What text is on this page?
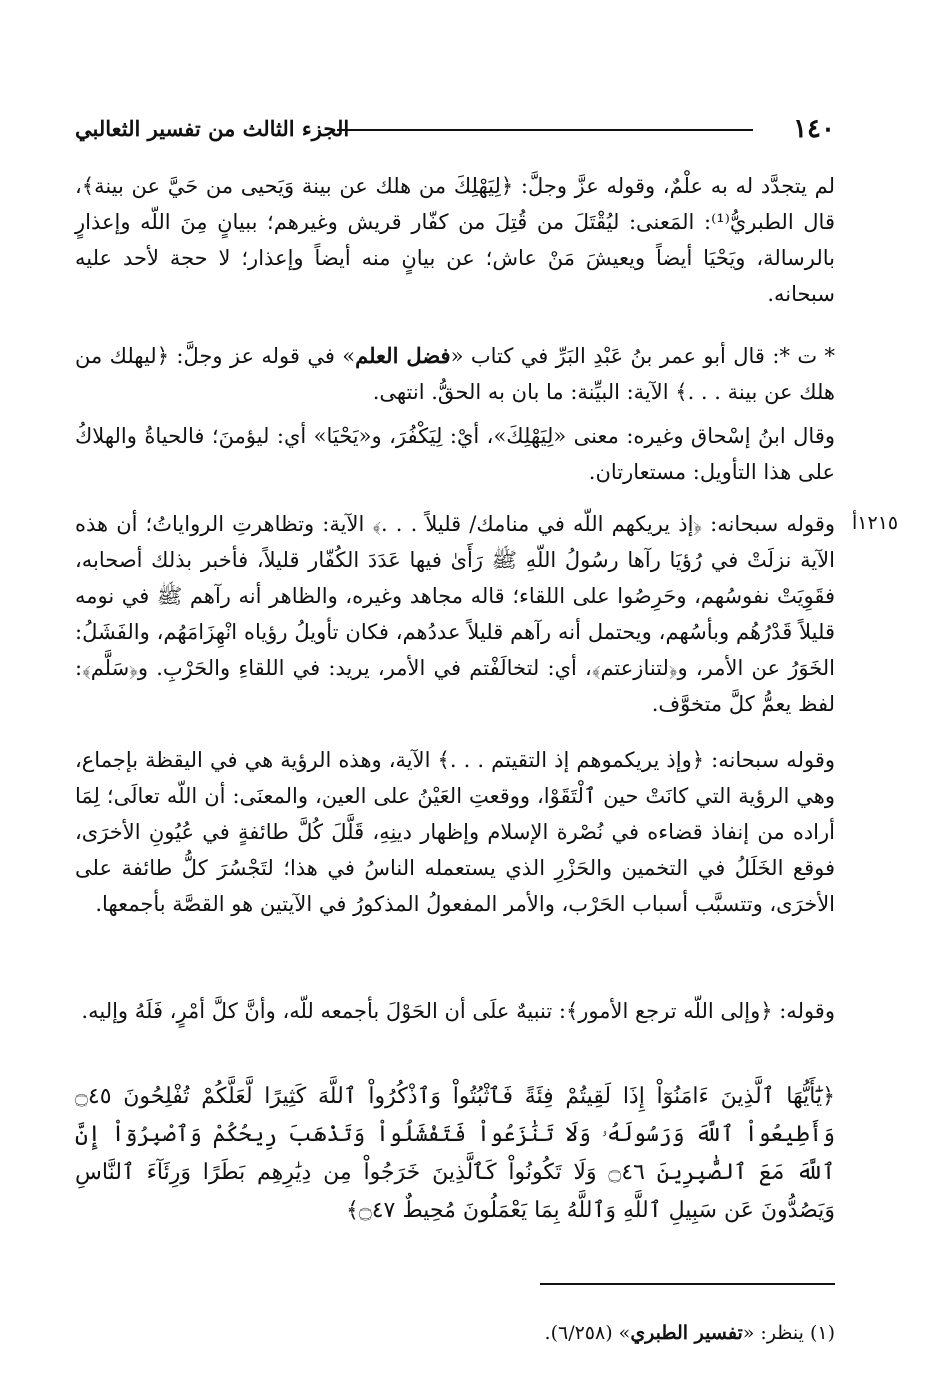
١٤٠
الجزء الثالث من تفسير الثعالبي
١٢١٥أ

لم يتجدَّد له به علْمٌ، وقوله عزَّ وجلَّ: ﴿لِيَهْلِكَ من هلك عن بينة وَيَحيى من حَيَّ عن بينة﴾، قال الطبريُّ⁽¹⁾: المَعنى: ليُقْتَلَ من قُتِلَ من كفّار قريش وغيرهم؛ ببيانٍ مِنَ اللّه وإعذارٍ بالرسالة، ويَحْيَا أيضاً ويعيشَ مَنْ عاش؛ عن بيانٍ منه أيضاً وإعذار؛ لا حجة لأحد عليه سبحانه.

* ت *: قال أبو عمر بنُ عَبْدِ البَرِّ في كتاب «فضل العلم» في قوله عز وجلَّ: ﴿ليهلك من هلك عن بينة . . .﴾ الآية: البيِّنة: ما بان به الحقُّ. انتهى.

وقال ابنُ إسْحاق وغيره: معنى «لِيَهْلِكَ»، أيْ: لِيَكْفُرَ، و«يَحْيَا» أي: ليؤمنَ؛ فالحياةُ والهلاكُ على هذا التأويل: مستعارتان.

وقوله سبحانه: ﴿إذ يريكهم اللّه في منامك/ قليلاً . . .﴾ الآية: وتظاهرتِ الرواياتُ؛ أن هذه الآية نزلَتْ في رُؤيَا رآها رسُولُ اللّهِ ﷺ رَأَىٰ فيها عَدَدَ الكُفّار قليلاً، فأخبر بذلك أصحابه، فقَوِيَتْ نفوسُهم، وحَرِصُوا على اللقاء؛ قاله مجاهد وغيره، والظاهر أنه رآهم ﷺ في نومه قليلاً قَدْرُهُم وبأسُهم، ويحتمل أنه رآهم قليلاً عددُهم، فكان تأويلُ رؤياه انْهِزَامَهُم، والفَشَلُ: الخَوَرُ عن الأمر، و﴿لتنازعتم﴾، أي: لتخالَفْتم في الأمر، يريد: في اللقاءِ والحَرْبِ. و﴿سَلَّم﴾: لفظ يعمُّ كلَّ متخوَّف.

وقوله سبحانه: ﴿وإذ يريكموهم إذ التقيتم . . .﴾ الآية، وهذه الرؤية هي في اليقظة بإجماع، وهي الرؤية التي كانَتْ حين ٱلْتَقَوْا، ووقعتِ العَيْنُ على العين، والمعنَى: أن اللّه تعالَى؛ لِمَا أراده من إنفاذ قضاءه في نُصْرة الإسلام وإظهار دينِهِ، قَلَّلَ كُلَّ طائفةٍ في عُيُونِ الأخرَى، فوقع الخَلَلُ في التخمين والحَزْرِ الذي يستعمله الناسُ في هذا؛ لتَجْسُرَ كلُّ طائفة على الأخرَى، وتتسبَّب أسباب الحَرْب، والأمر المفعولُ المذكورُ في الآيتين هو القصَّة بأجمعها.

وقوله: ﴿وإلى اللّه ترجع الأمور﴾: تنبيهٌ علَى أن الحَوْلَ بأجمعه للّه، وأنَّ كلَّ أمْرٍ، فَلَهُ وإليه.

﴿يَٰٓأَيُّهَا ٱلَّذِينَ ءَامَنُوٓاْ إِذَا لَقِيتُمْ فِئَةً فَٱثْبُتُواْ وَٱذْكُرُواْ ٱللَّهَ كَثِيرًا لَّعَلَّكُمْ تُفْلِحُونَ ۝٤٥ وَأَطِيعُواْ ٱللَّهَ وَرَسُولَهُۥ وَلَا تَنَٰزَعُواْ فَتَفْشَلُواْ وَتَذْهَبَ رِيحُكُمْ وَٱصْبِرُوٓاْ إِنَّ ٱللَّهَ مَعَ ٱلصَّٰبِرِينَ ۝٤٦ وَلَا تَكُونُواْ كَٱلَّذِينَ خَرَجُواْ مِن دِيَٰرِهِم بَطَرًا وَرِئَآءَ ٱلنَّاسِ وَيَصُدُّونَ عَن سَبِيلِ ٱللَّهِ وَٱللَّهُ بِمَا يَعْمَلُونَ مُحِيطٌ ۝٤٧﴾

(١) ينظر: «تفسير الطبري» (٦/٢٥٨).
